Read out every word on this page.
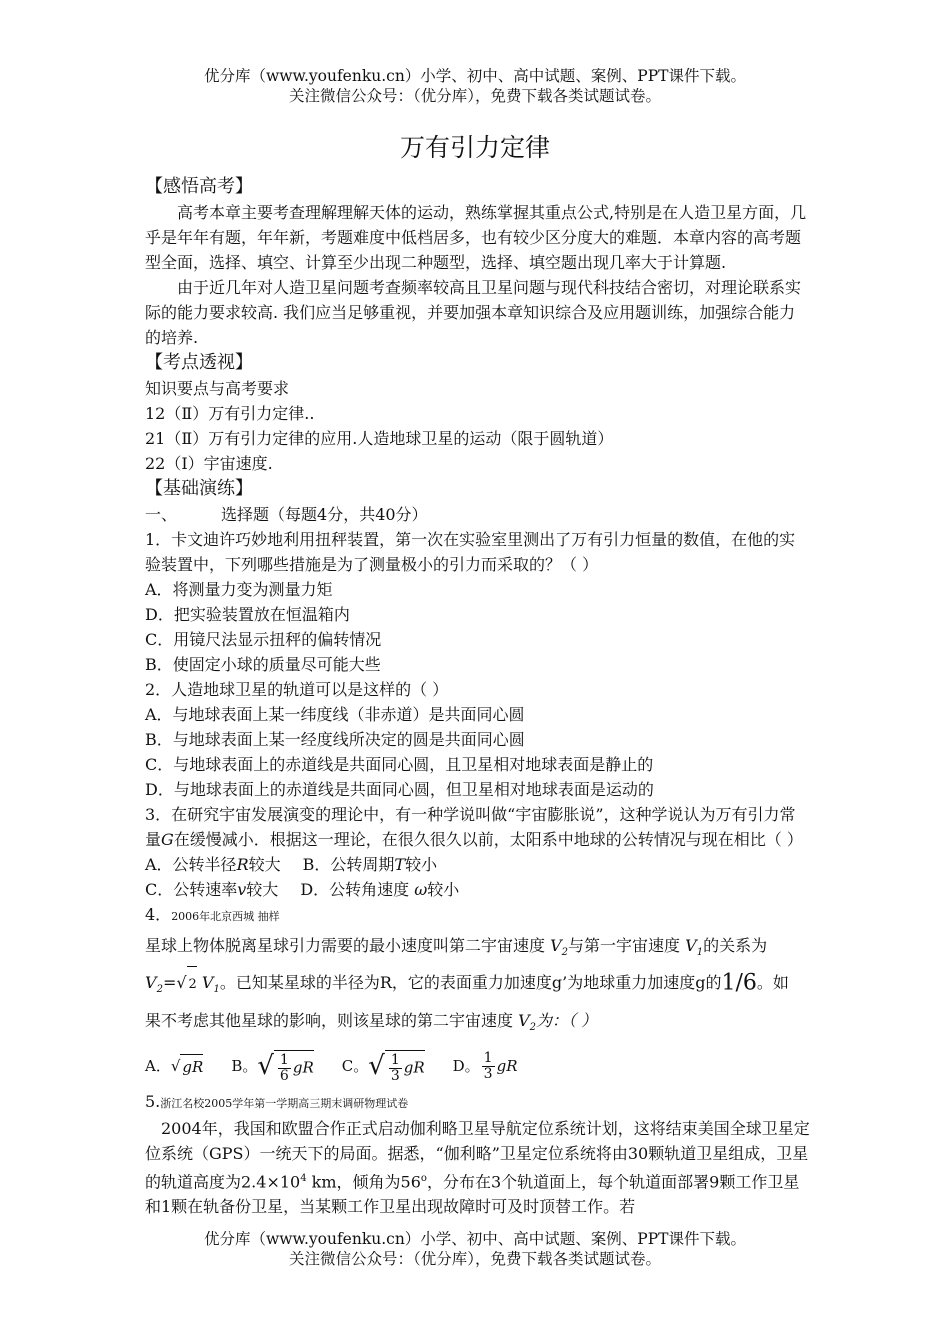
优分库（www.youfenku.cn）小学、初中、高中试题、案例、PPT课件下载。
关注微信公众号：（优分库），免费下载各类试题试卷。
万有引力定律

【感悟高考】

高考本章主要考查理解理解天体的运动，熟练掌握其重点公式,特别是在人造卫星方面，几乎是年年有题，年年新，考题难度中低档居多，也有较少区分度大的难题．本章内容的高考题型全面，选择、填空、计算至少出现二种题型，选择、填空题出现几率大于计算题.

由于近几年对人造卫星问题考查频率较高且卫星问题与现代科技结合密切，对理论联系实际的能力要求较高. 我们应当足够重视，并要加强本章知识综合及应用题训练，加强综合能力的培养.

【考点透视】

知识要点与高考要求

12（Ⅱ）万有引力定律..

21（Ⅱ）万有引力定律的应用.人造地球卫星的运动（限于圆轨道）

22（Ⅰ）宇宙速度.

【基础演练】

一、	选择题（每题4分，共40分）

1．卡文迪许巧妙地利用扭秤装置，第一次在实验室里测出了万有引力恒量的数值，在他的实验装置中，下列哪些措施是为了测量极小的引力而采取的？（ ）

A．将测量力变为测量力矩

D．把实验装置放在恒温箱内

C．用镜尺法显示扭秤的偏转情况

B．使固定小球的质量尽可能大些

2．人造地球卫星的轨道可以是这样的（ ）

A．与地球表面上某一纬度线（非赤道）是共面同心圆

B．与地球表面上某一经度线所决定的圆是共面同心圆

C．与地球表面上的赤道线是共面同心圆，且卫星相对地球表面是静止的

D．与地球表面上的赤道线是共面同心圆，但卫星相对地球表面是运动的

3．在研究宇宙发展演变的理论中，有一种学说叫做“宇宙膨胀说”，这种学说认为万有引力常量G在缓慢减小．根据这一理论，在很久很久以前，太阳系中地球的公转情况与现在相比（ ）

A．公转半径R较大 B．公转周期T较小

C．公转速率v较大 D．公转角速度 ω较小

4．2006年北京西城 抽样

星球上物体脱离星球引力需要的最小速度叫第二宇宙速度 $V_2$与第一宇宙速度 $V_1$的关系为

$V_2=√$ 2 $V_1$。已知某星球的半径为R，它的表面重力加速度g’为地球重力加速度g的1/6。如

果不考虑其他星球的影响，则该星球的第二宇宙速度 $V_2$为：（ ）

A． √ gR B。 √ $\frac{1}{6}$ gR C。 √ $\frac{1}{3}$ gR D。 $\frac{1}{3}$ gR

5.浙江名校2005学年第一学期高三期末调研物理试卷

2004年，我国和欧盟合作正式启动伽利略卫星导航定位系统计划，这将结束美国全球卫星定位系统（GPS）一统天下的局面。据悉，“伽利略”卫星定位系统将由30颗轨道卫星组成，卫星的轨道高度为$2.4\times 10^4$ km，倾角为56$^o$，分布在3个轨道面上，每个轨道面部署9颗工作卫星和1颗在轨备份卫星，当某颗工作卫星出现故障时可及时顶替工作。若

优分库（www.youfenku.cn）小学、初中、高中试题、案例、PPT课件下载。
关注微信公众号：（优分库），免费下载各类试题试卷。
